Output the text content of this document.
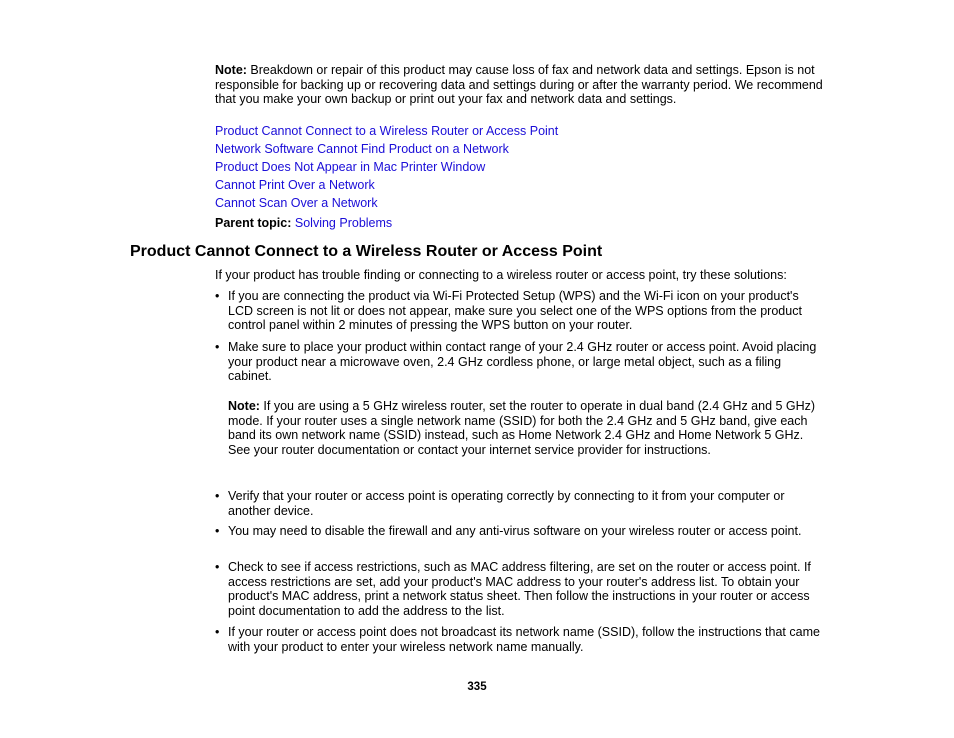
Note: Breakdown or repair of this product may cause loss of fax and network data and settings. Epson is not responsible for backing up or recovering data and settings during or after the warranty period. We recommend that you make your own backup or print out your fax and network data and settings.
Product Cannot Connect to a Wireless Router or Access Point
Network Software Cannot Find Product on a Network
Product Does Not Appear in Mac Printer Window
Cannot Print Over a Network
Cannot Scan Over a Network
Parent topic: Solving Problems
Product Cannot Connect to a Wireless Router or Access Point
If your product has trouble finding or connecting to a wireless router or access point, try these solutions:
• If you are connecting the product via Wi-Fi Protected Setup (WPS) and the Wi-Fi icon on your product's LCD screen is not lit or does not appear, make sure you select one of the WPS options from the product control panel within 2 minutes of pressing the WPS button on your router.
• Make sure to place your product within contact range of your 2.4 GHz router or access point. Avoid placing your product near a microwave oven, 2.4 GHz cordless phone, or large metal object, such as a filing cabinet.
Note: If you are using a 5 GHz wireless router, set the router to operate in dual band (2.4 GHz and 5 GHz) mode. If your router uses a single network name (SSID) for both the 2.4 GHz and 5 GHz band, give each band its own network name (SSID) instead, such as Home Network 2.4 GHz and Home Network 5 GHz. See your router documentation or contact your internet service provider for instructions.
• Verify that your router or access point is operating correctly by connecting to it from your computer or another device.
• You may need to disable the firewall and any anti-virus software on your wireless router or access point.
• Check to see if access restrictions, such as MAC address filtering, are set on the router or access point. If access restrictions are set, add your product's MAC address to your router's address list. To obtain your product's MAC address, print a network status sheet. Then follow the instructions in your router or access point documentation to add the address to the list.
• If your router or access point does not broadcast its network name (SSID), follow the instructions that came with your product to enter your wireless network name manually.
335
